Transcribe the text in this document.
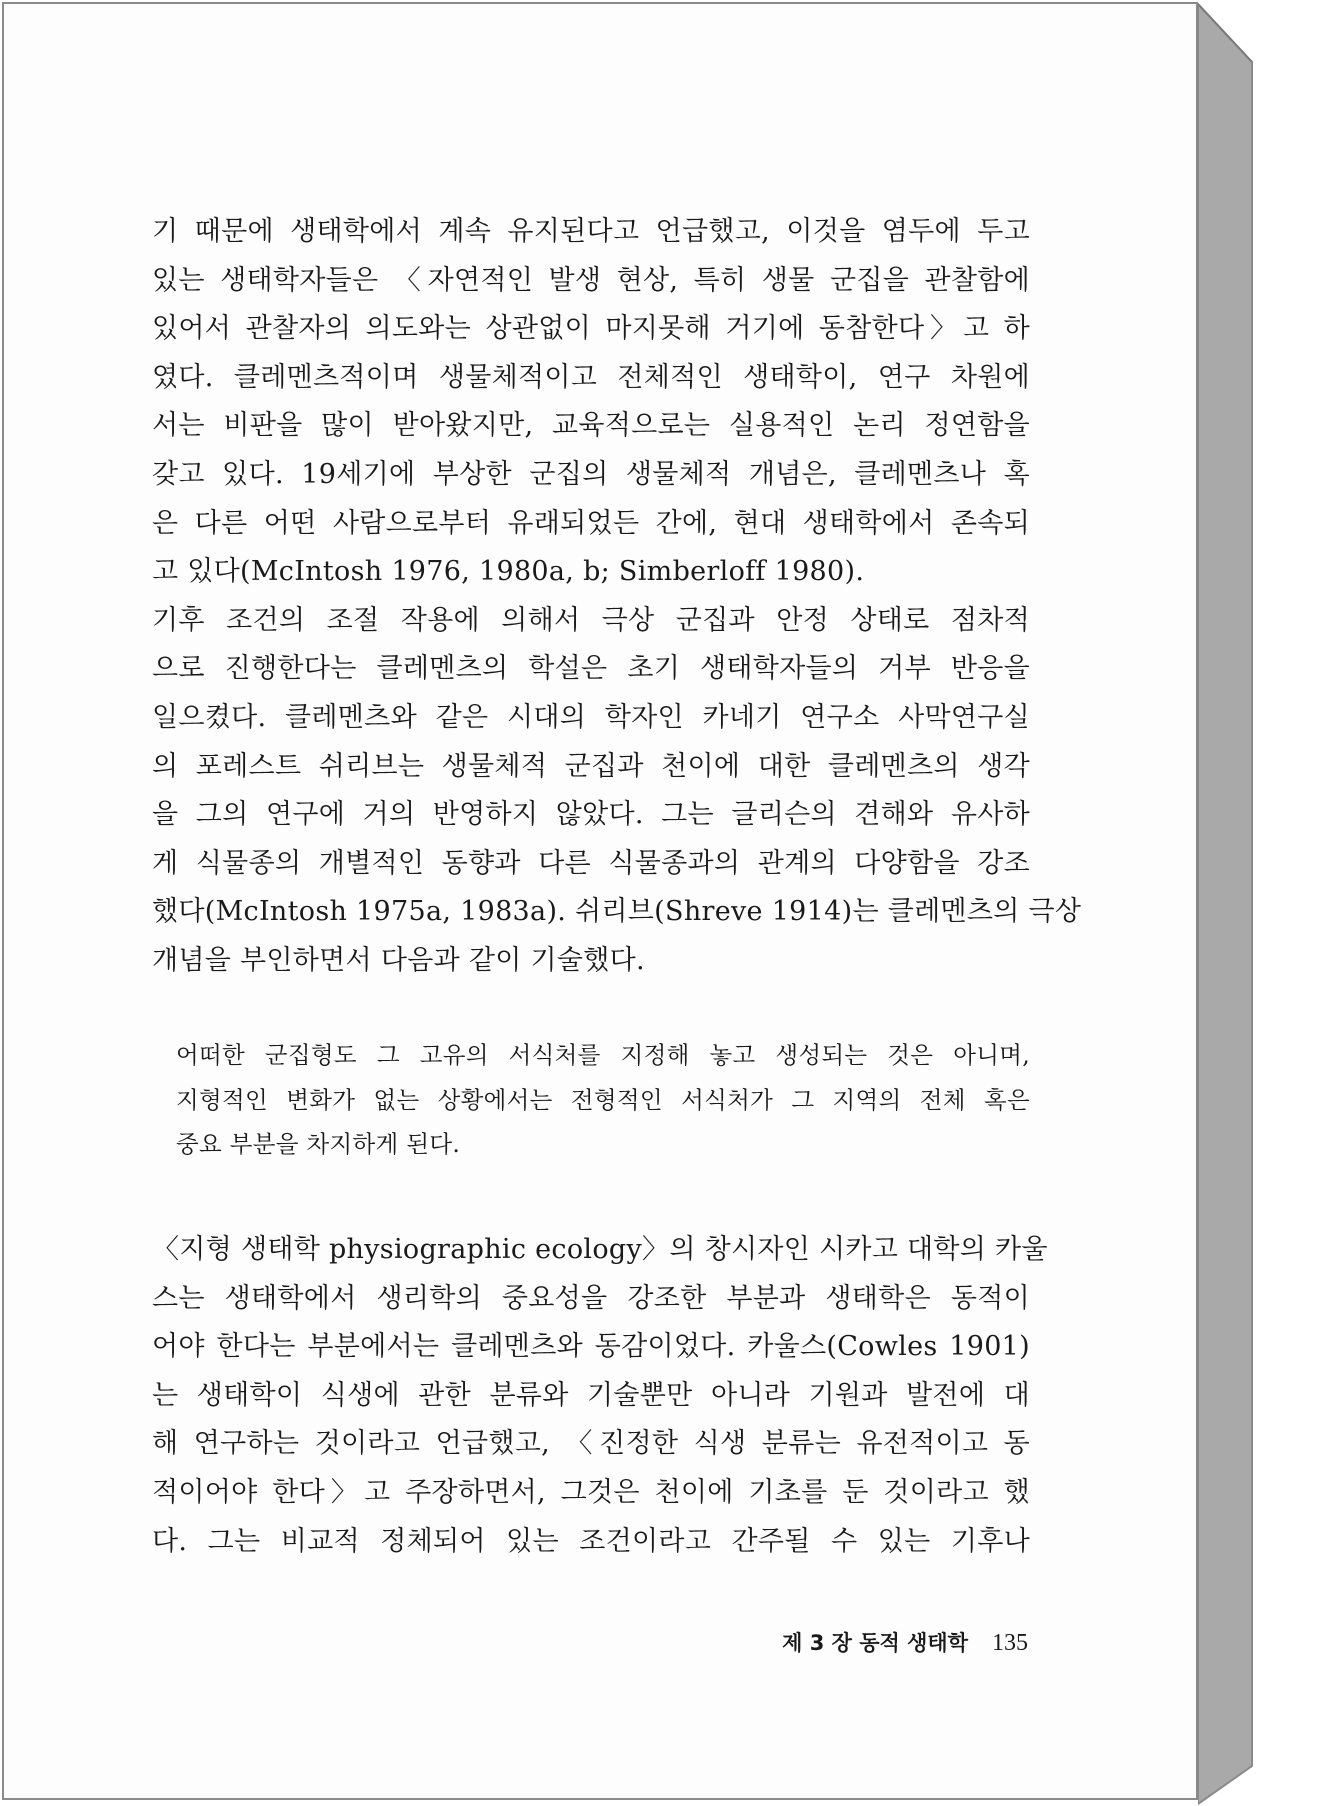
기 때문에 생태학에서 계속 유지된다고 언급했고, 이것을 염두에 두고
있는 생태학자들은 〈자연적인 발생 현상, 특히 생물 군집을 관찰함에
있어서 관찰자의 의도와는 상관없이 마지못해 거기에 동참한다〉고 하
였다. 클레멘츠적이며 생물체적이고 전체적인 생태학이, 연구 차원에
서는 비판을 많이 받아왔지만, 교육적으로는 실용적인 논리 정연함을
갖고 있다. 19세기에 부상한 군집의 생물체적 개념은, 클레멘츠나 혹
은 다른 어떤 사람으로부터 유래되었든 간에, 현대 생태학에서 존속되
고 있다(McIntosh 1976, 1980a, b; Simberloff 1980).
기후 조건의 조절 작용에 의해서 극상 군집과 안정 상태로 점차적
으로 진행한다는 클레멘츠의 학설은 초기 생태학자들의 거부 반응을
일으켰다. 클레멘츠와 같은 시대의 학자인 카네기 연구소 사막연구실
의 포레스트 쉬리브는 생물체적 군집과 천이에 대한 클레멘츠의 생각
을 그의 연구에 거의 반영하지 않았다. 그는 글리슨의 견해와 유사하
게 식물종의 개별적인 동향과 다른 식물종과의 관계의 다양함을 강조
했다(McIntosh 1975a, 1983a). 쉬리브(Shreve 1914)는 클레멘츠의 극상
개념을 부인하면서 다음과 같이 기술했다.
어떠한 군집형도 그 고유의 서식처를 지정해 놓고 생성되는 것은 아니며,
지형적인 변화가 없는 상황에서는 전형적인 서식처가 그 지역의 전체 혹은
중요 부분을 차지하게 된다.
〈지형 생태학 physiographic ecology〉의 창시자인 시카고 대학의 카울
스는 생태학에서 생리학의 중요성을 강조한 부분과 생태학은 동적이
어야 한다는 부분에서는 클레멘츠와 동감이었다. 카울스(Cowles 1901)
는 생태학이 식생에 관한 분류와 기술뿐만 아니라 기원과 발전에 대
해 연구하는 것이라고 언급했고, 〈진정한 식생 분류는 유전적이고 동
적이어야 한다〉고 주장하면서, 그것은 천이에 기초를 둔 것이라고 했
다. 그는 비교적 정체되어 있는 조건이라고 간주될 수 있는 기후나
제 3 장 동적 생태학 135
